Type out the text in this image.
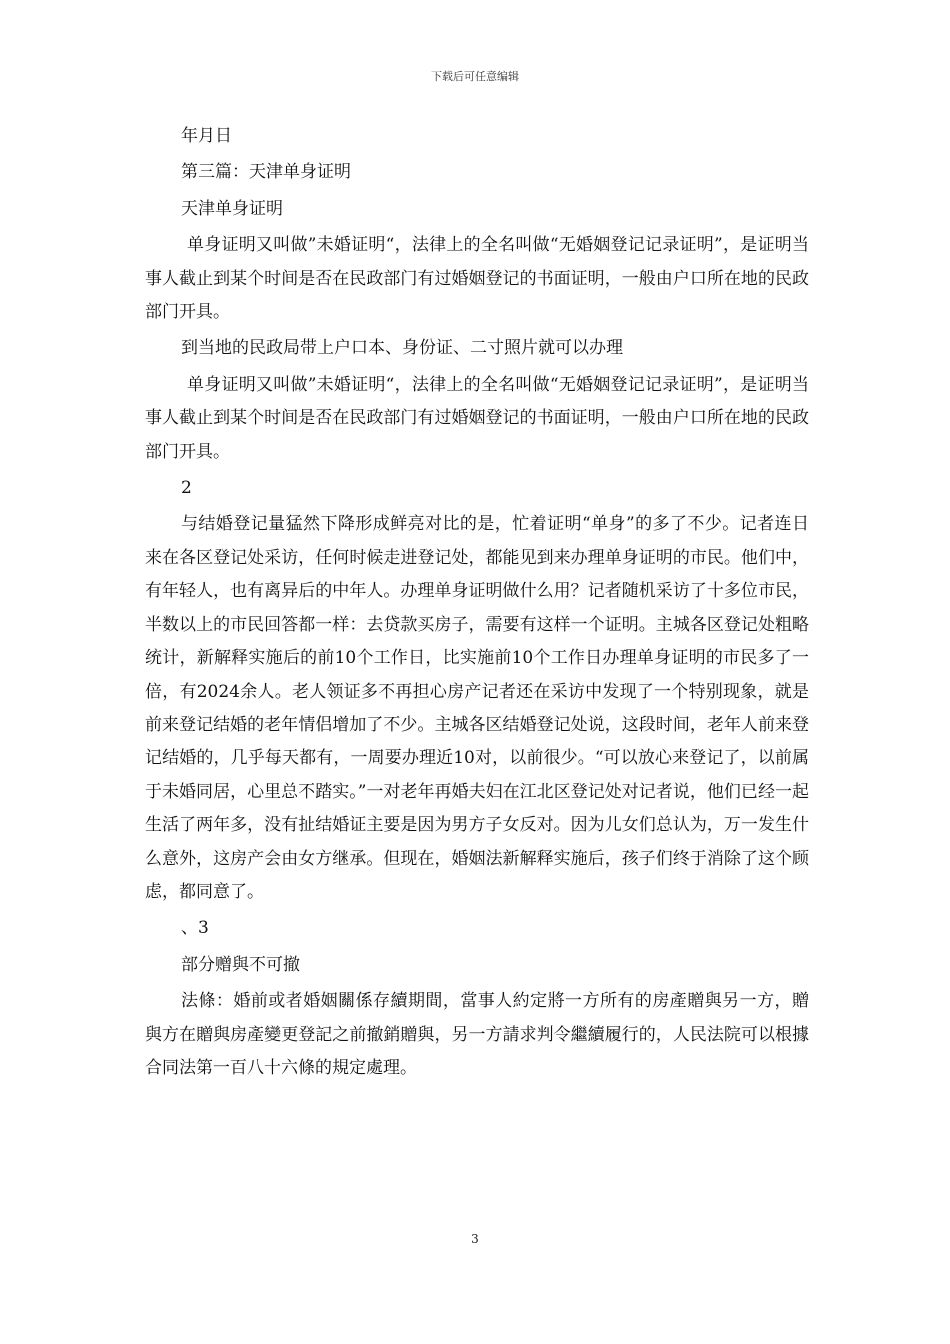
下载后可任意编辑

年月日

第三篇：天津单身证明

天津单身证明

单身证明又叫做”未婚证明“，法律上的全名叫做“无婚姻登记记录证明”，是证明当事人截止到某个时间是否在民政部门有过婚姻登记的书面证明，一般由户口所在地的民政部门开具。

到当地的民政局带上户口本、身份证、二寸照片就可以办理

单身证明又叫做”未婚证明“，法律上的全名叫做“无婚姻登记记录证明”，是证明当事人截止到某个时间是否在民政部门有过婚姻登记的书面证明，一般由户口所在地的民政部门开具。

2

与结婚登记量猛然下降形成鲜亮对比的是，忙着证明“单身”的多了不少。记者连日来在各区登记处采访，任何时候走进登记处，都能见到来办理单身证明的市民。他们中，有年轻人，也有离异后的中年人。办理单身证明做什么用？记者随机采访了十多位市民，半数以上的市民回答都一样：去贷款买房子，需要有这样一个证明。主城各区登记处粗略统计，新解释实施后的前10个工作日，比实施前10个工作日办理单身证明的市民多了一倍，有2024余人。老人领证多不再担心房产记者还在采访中发现了一个特别现象，就是前来登记结婚的老年情侣增加了不少。主城各区结婚登记处说，这段时间，老年人前来登记结婚的，几乎每天都有，一周要办理近10对，以前很少。“可以放心来登记了，以前属于未婚同居，心里总不踏实。”一对老年再婚夫妇在江北区登记处对记者说，他们已经一起生活了两年多，没有扯结婚证主要是因为男方子女反对。因为儿女们总认为，万一发生什么意外，这房产会由女方继承。但现在，婚姻法新解释实施后，孩子们终于消除了这个顾虑，都同意了。

、3

部分赠與不可撤

法條：婚前或者婚姻關係存續期間，當事人約定將一方所有的房產贈與另一方，贈與方在贈與房產變更登記之前撤銷贈與，另一方請求判令繼續履行的，人民法院可以根據合同法第一百八十六條的規定處理。

3
